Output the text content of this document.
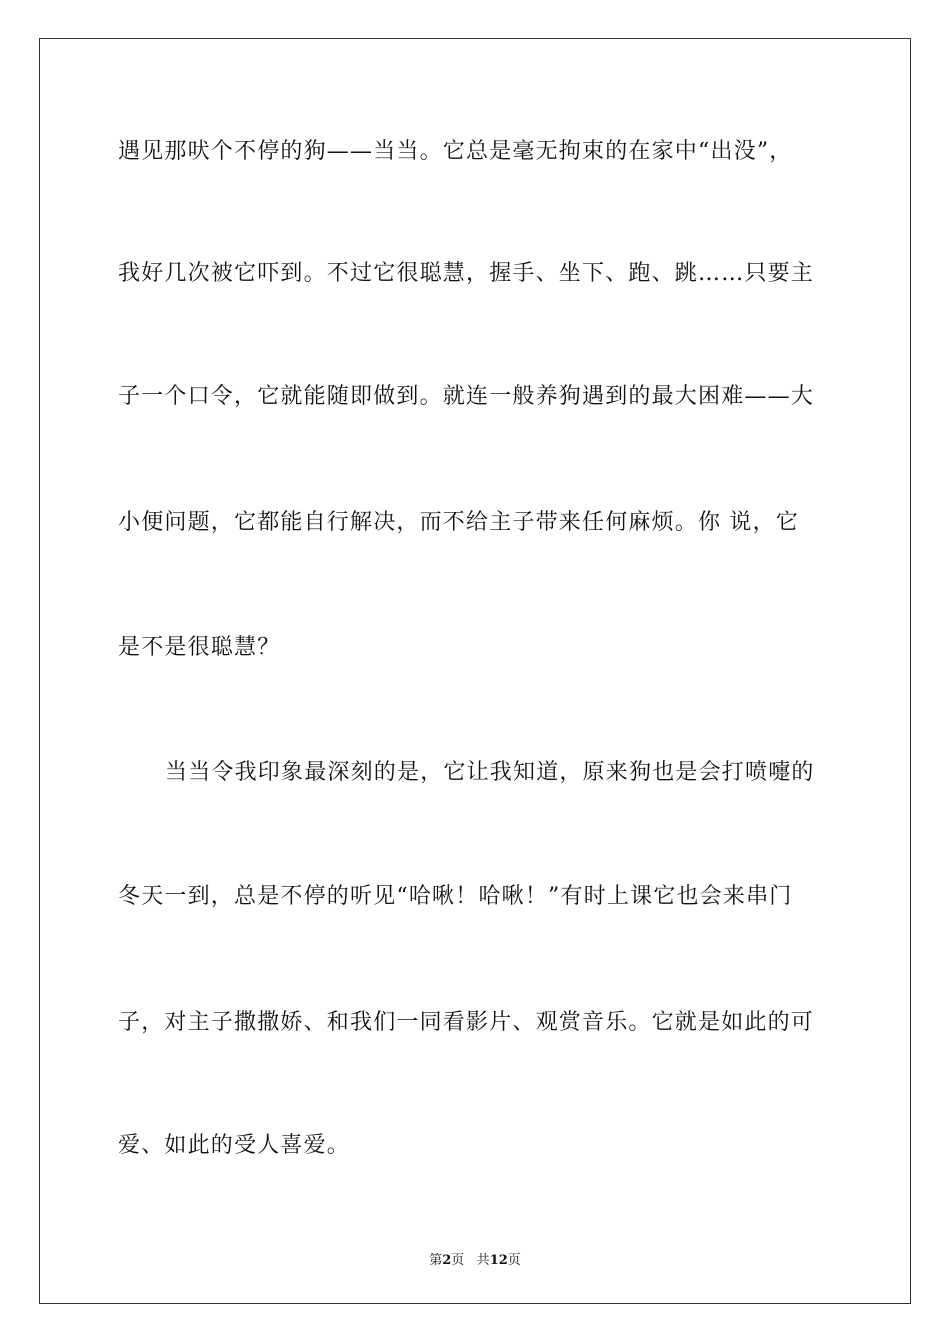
遇见那吠个不停的狗——当当。它总是毫无拘束的在家中“出没”，
我好几次被它吓到。不过它很聪慧，握手、坐下、跑、跳……只要主
子一个口令，它就能随即做到。就连一般养狗遇到的最大困难——大
小便问题，它都能自行解决，而不给主子带来任何麻烦。你 说，它
是不是很聪慧？
当当令我印象最深刻的是，它让我知道，原来狗也是会打喷嚏的
冬天一到，总是不停的听见“哈啾！哈啾！”有时上课它也会来串门
子，对主子撒撒娇、和我们一同看影片、观赏音乐。它就是如此的可
爱、如此的受人喜爱。
第2页 共12页
